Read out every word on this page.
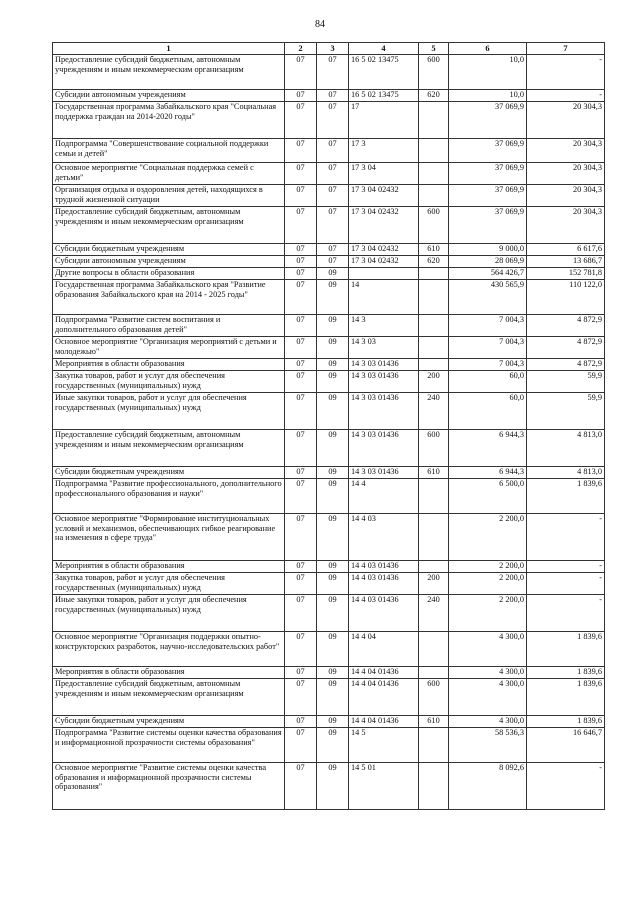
84
1	2	3	4	5	6	7
Предоставление субсидий бюджетным, автономным учреждениям и иным некоммерческим организациям	07	07	16 5 02 13475	600	10,0	-
Субсидии автономным учреждениям	07	07	16 5 02 13475	620	10,0	-
Государственная программа Забайкальского края "Социальная поддержка граждан на 2014-2020 годы"	07	07	17		37 069,9	20 304,3
Подпрограмма "Совершенствование социальной поддержки семьи и детей"	07	07	17 3		37 069,9	20 304,3
Основное мероприятие "Социальная поддержка семей с детьми"	07	07	17 3 04		37 069,9	20 304,3
Организация отдыха и оздоровления детей, находящихся в трудной жизненной ситуации	07	07	17 3 04 02432		37 069,9	20 304,3
Предоставление субсидий бюджетным, автономным учреждениям и иным некоммерческим организациям	07	07	17 3 04 02432	600	37 069,9	20 304,3
Субсидии бюджетным учреждениям	07	07	17 3 04 02432	610	9 000,0	6 617,6
Субсидии автономным учреждениям	07	07	17 3 04 02432	620	28 069,9	13 686,7
Другие вопросы в области образования	07	09			564 426,7	152 781,8
Государственная программа Забайкальского края "Развитие образования Забайкальского края на 2014 - 2025 годы"	07	09	14		430 565,9	110 122,0
Подпрограмма "Развитие систем воспитания и дополнительного образования детей"	07	09	14 3		7 004,3	4 872,9
Основное мероприятие "Организация мероприятий с детьми и молодежью"	07	09	14 3 03		7 004,3	4 872,9
Мероприятия в области образования	07	09	14 3 03 01436		7 004,3	4 872,9
Закупка товаров, работ и услуг для обеспечения государственных (муниципальных) нужд	07	09	14 3 03 01436	200	60,0	59,9
Иные закупки товаров, работ и услуг для обеспечения государственных (муниципальных) нужд	07	09	14 3 03 01436	240	60,0	59,9
Предоставление субсидий бюджетным, автономным учреждениям и иным некоммерческим организациям	07	09	14 3 03 01436	600	6 944,3	4 813,0
Субсидии бюджетным учреждениям	07	09	14 3 03 01436	610	6 944,3	4 813,0
Подпрограмма "Развитие профессионального, дополнительного профессионального образования и науки"	07	09	14 4		6 500,0	1 839,6
Основное мероприятие "Формирование институциональных условий и механизмов, обеспечивающих гибкое реагирование на изменения в сфере труда"	07	09	14 4 03		2 200,0	-
Мероприятия в области образования	07	09	14 4 03 01436		2 200,0	-
Закупка товаров, работ и услуг для обеспечения государственных (муниципальных) нужд	07	09	14 4 03 01436	200	2 200,0	-
Иные закупки товаров, работ и услуг для обеспечения государственных (муниципальных) нужд	07	09	14 4 03 01436	240	2 200,0	-
Основное мероприятие "Организация поддержки опытно-конструкторских разработок, научно-исследовательских работ"	07	09	14 4 04		4 300,0	1 839,6
Мероприятия в области образования	07	09	14 4 04 01436		4 300,0	1 839,6
Предоставление субсидий бюджетным, автономным учреждениям и иным некоммерческим организациям	07	09	14 4 04 01436	600	4 300,0	1 839,6
Субсидии бюджетным учреждениям	07	09	14 4 04 01436	610	4 300,0	1 839,6
Подпрограмма "Развитие системы оценки качества образования и информационной прозрачности системы образования"	07	09	14 5		58 536,3	16 646,7
Основное мероприятие "Развитие системы оценки качества образования и информационной прозрачности системы образования"	07	09	14 5 01		8 092,6	-
